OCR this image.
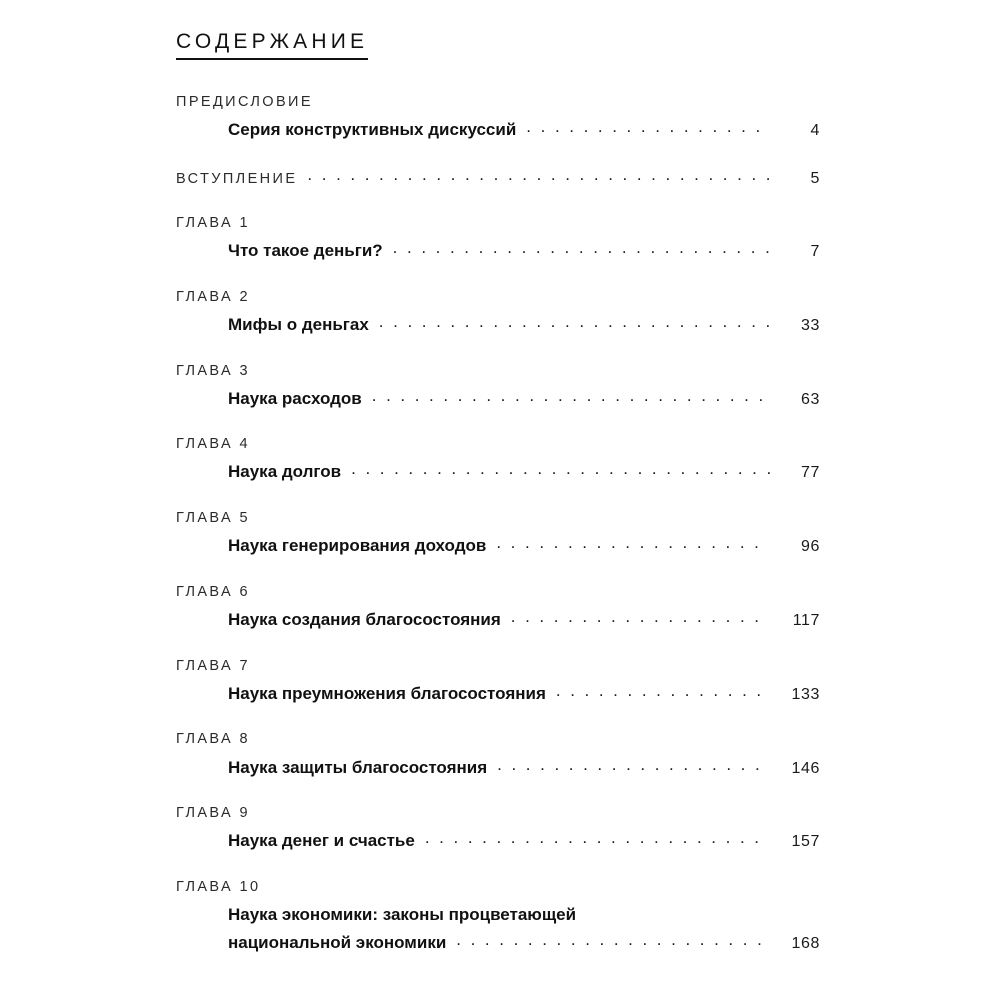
СОДЕРЖАНИЕ
ПРЕДИСЛОВИЕ
Серия конструктивных дискуссий .....	4
ВСТУПЛЕНИЕ .....	5
ГЛАВА 1
Что такое деньги? .....	7
ГЛАВА 2
Мифы о деньгах .....	33
ГЛАВА 3
Наука расходов .....	63
ГЛАВА 4
Наука долгов .....	77
ГЛАВА 5
Наука генерирования доходов .....	96
ГЛАВА 6
Наука создания благосостояния .....	117
ГЛАВА 7
Наука преумножения благосостояния .....	133
ГЛАВА 8
Наука защиты благосостояния .....	146
ГЛАВА 9
Наука денег и счастье .....	157
ГЛАВА 10
Наука экономики: законы процветающей
национальной экономики .....	168
